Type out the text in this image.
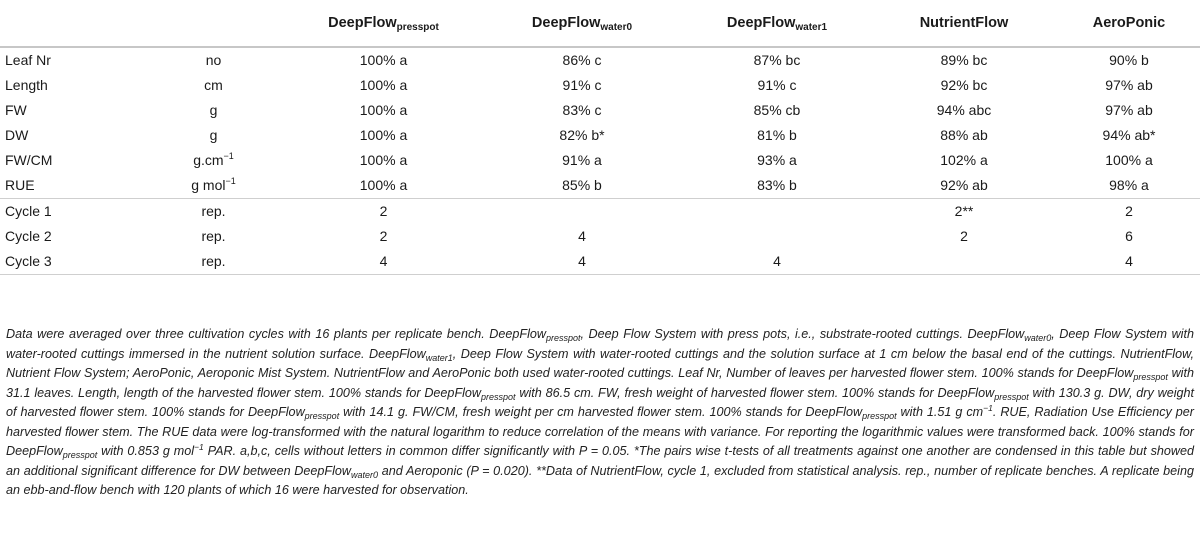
		DeepFlow$_{presspot}$	DeepFlow$_{water0}$	DeepFlow$_{water1}$	NutrientFlow	AeroPonic
Leaf Nr	no	100% a	86% c	87% bc	89% bc	90% b
Length	cm	100% a	91% c	91% c	92% bc	97% ab
FW	g	100% a	83% c	85% cb	94% abc	97% ab
DW	g	100% a	82% b*	81% b	88% ab	94% ab*
FW/CM	$g.cm^{-1}$	100% a	91% a	93% a	102% a	100% a
RUE	g mol$^{-1}$	100% a	85% b	83% b	92% ab	98% a
Cycle 1	rep.	2			2**	2
Cycle 2	rep.	2	4		2	6
Cycle 3	rep.	4	4	4		4
Data were averaged over three cultivation cycles with 16 plants per replicate bench. DeepFlow$_{presspot}$, Deep Flow System with press pots, i.e., substrate-rooted cuttings. DeepFlow$_{water0}$, Deep Flow System with water-rooted cuttings immersed in the nutrient solution surface. DeepFlow$_{water1}$, Deep Flow System with water-rooted cuttings and the solution surface at 1 cm below the basal end of the cuttings. NutrientFlow, Nutrient Flow System; AeroPonic, Aeroponic Mist System. NutrientFlow and AeroPonic both used water-rooted cuttings. Leaf Nr, Number of leaves per harvested flower stem. 100% stands for DeepFlow$_{presspot}$ with 31.1 leaves. Length, length of the harvested flower stem. 100% stands for DeepFlow$_{presspot}$ with 86.5 cm. FW, fresh weight of harvested flower stem. 100% stands for DeepFlow$_{presspot}$ with 130.3 g. DW, dry weight of harvested flower stem. 100% stands for DeepFlow$_{presspot}$ with 14.1 g. FW/CM, fresh weight per cm harvested flower stem. 100% stands for DeepFlow$_{presspot}$ with 1.51 g $cm^{-1}$. RUE, Radiation Use Efficiency per harvested flower stem. The RUE data were log-transformed with the natural logarithm to reduce correlation of the means with variance. For reporting the logarithmic values were transformed back. 100% stands for DeepFlow$_{presspot}$ with 0.853 g mol$^{-1}$ PAR. a,b,c, cells without letters in common differ significantly with P = 0.05. *The pairs wise t-tests of all treatments against one another are condensed in this table but showed an additional significant difference for DW between DeepFlow$_{water0}$ and Aeroponic (P = 0.020). **Data of NutrientFlow, cycle 1, excluded from statistical analysis. rep., number of replicate benches. A replicate being an ebb-and-flow bench with 120 plants of which 16 were harvested for observation.
